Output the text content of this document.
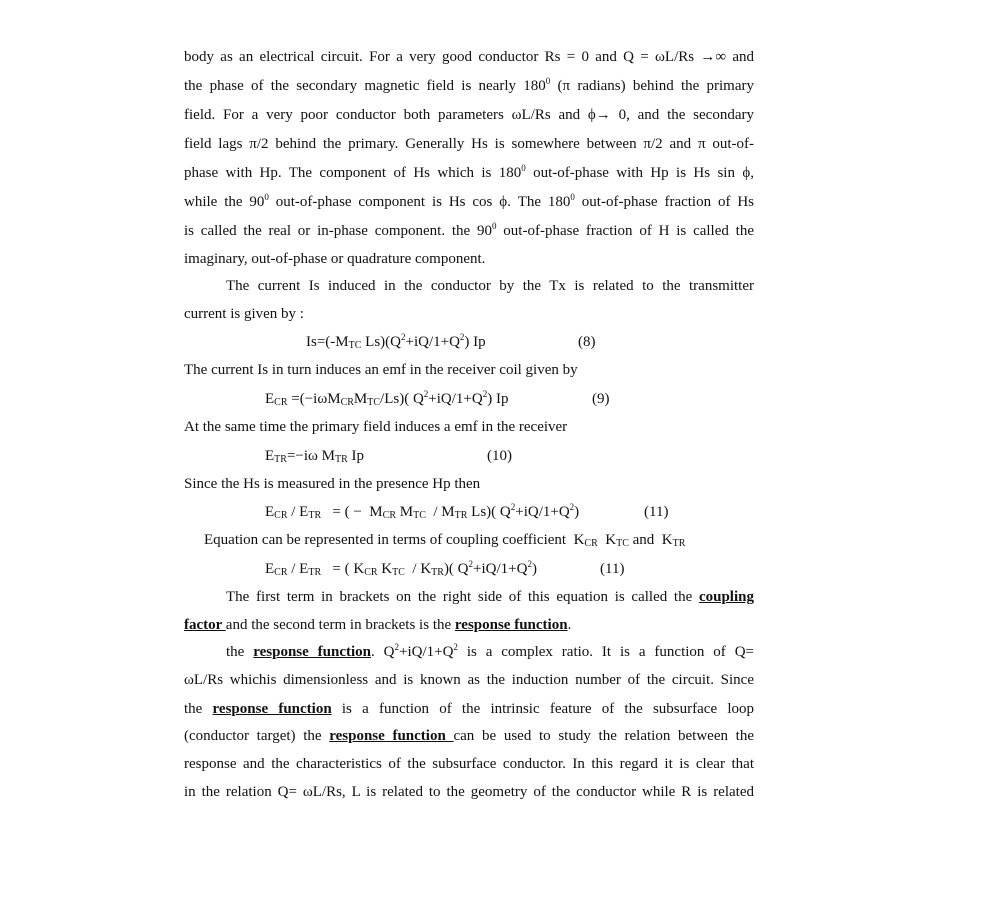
body as an electrical circuit. For a very good conductor Rs = 0 and Q = ωL/Rs →∞ and
the phase of the secondary magnetic field is nearly $180^0$ (π radians) behind the primary
field. For a very poor conductor both parameters ωL/Rs and ϕ→ 0, and the secondary
field lags π/2 behind the primary. Generally Hs is somewhere between π/2 and π out-of-
phase with Hp. The component of Hs which is $180^0$ out-of-phase with Hp is Hs sin ϕ,
while the $90^0$ out-of-phase component is Hs cos ϕ. The $180^0$ out-of-phase fraction of Hs
is called the real or in-phase component. the $90^0$ out-of-phase fraction of H is called the
imaginary, out-of-phase or quadrature component.
The current Is induced in the conductor by the Tx is related to the transmitter
current is given by :
$Is=(-M_{TC}$ $Ls)(Q^2+iQ/1+Q^2)$ Ip	(8)
The current Is in turn induces an emf in the receiver coil given by
$E_{CR} =(-i\omega M_{CR}M_{TC}/Ls)$( $Q^2+iQ/1+Q^2$) Ip	(9)
At the same time the primary field induces a emf in the receiver
$E_{TR}=-i\omega$ $M_{TR}$ Ip	(10)
Since the Hs is measured in the presence Hp then
$E_{CR} / E_{TR}$   = ( −  $M_{CR}$ $M_{TC} / M_{TR}$ Ls)( $Q^2+iQ/1+Q^2$)	(11)
Equation can be represented in terms of coupling coefficient  $K_{CR}$  $K_{TC}$ and  $K_{TR}$
$E_{CR} / E_{TR}$   = ( $K_{CR}$ $K_{TC} / K_{TR}$)( $Q^2+iQ/1+Q^2$)	(11)
The first term in brackets on the right side of this equation is called the coupling
factor and the second term in brackets is the response function.
the response function. $Q^2+iQ/1+Q^2$ is a complex ratio. It is a function of Q=
ωL/Rs whichis dimensionless and is known as the induction number of the circuit. Since
the response function is a function of the intrinsic feature of the subsurface loop
(conductor target) the response function can be used to study the relation between the
response and the characteristics of the subsurface conductor. In this regard it is clear that
in the relation Q= ωL/Rs, L is related to the geometry of the conductor while R is related
